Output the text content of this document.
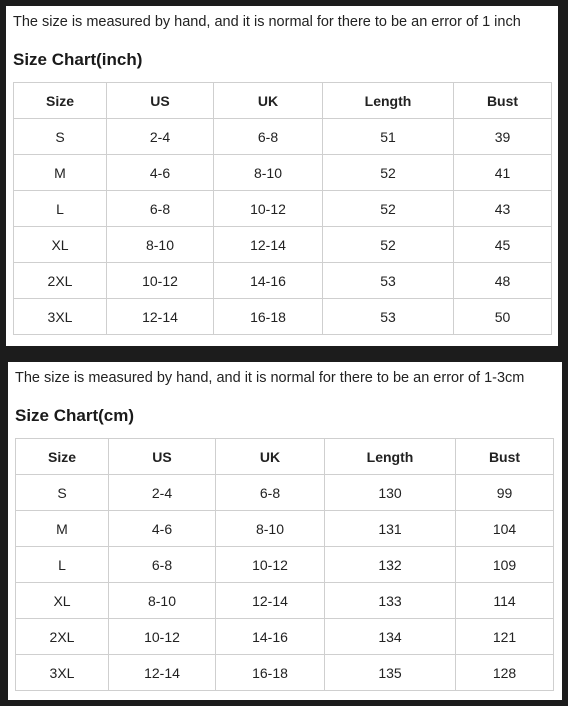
The size is measured by hand, and it is normal for there to be an error of 1 inch
Size Chart(inch)
Size	US	UK	Length	Bust
S	2-4	6-8	51	39
M	4-6	8-10	52	41
L	6-8	10-12	52	43
XL	8-10	12-14	52	45
2XL	10-12	14-16	53	48
3XL	12-14	16-18	53	50
The size is measured by hand, and it is normal for there to be an error of 1-3cm
Size Chart(cm)
Size	US	UK	Length	Bust
S	2-4	6-8	130	99
M	4-6	8-10	131	104
L	6-8	10-12	132	109
XL	8-10	12-14	133	114
2XL	10-12	14-16	134	121
3XL	12-14	16-18	135	128
